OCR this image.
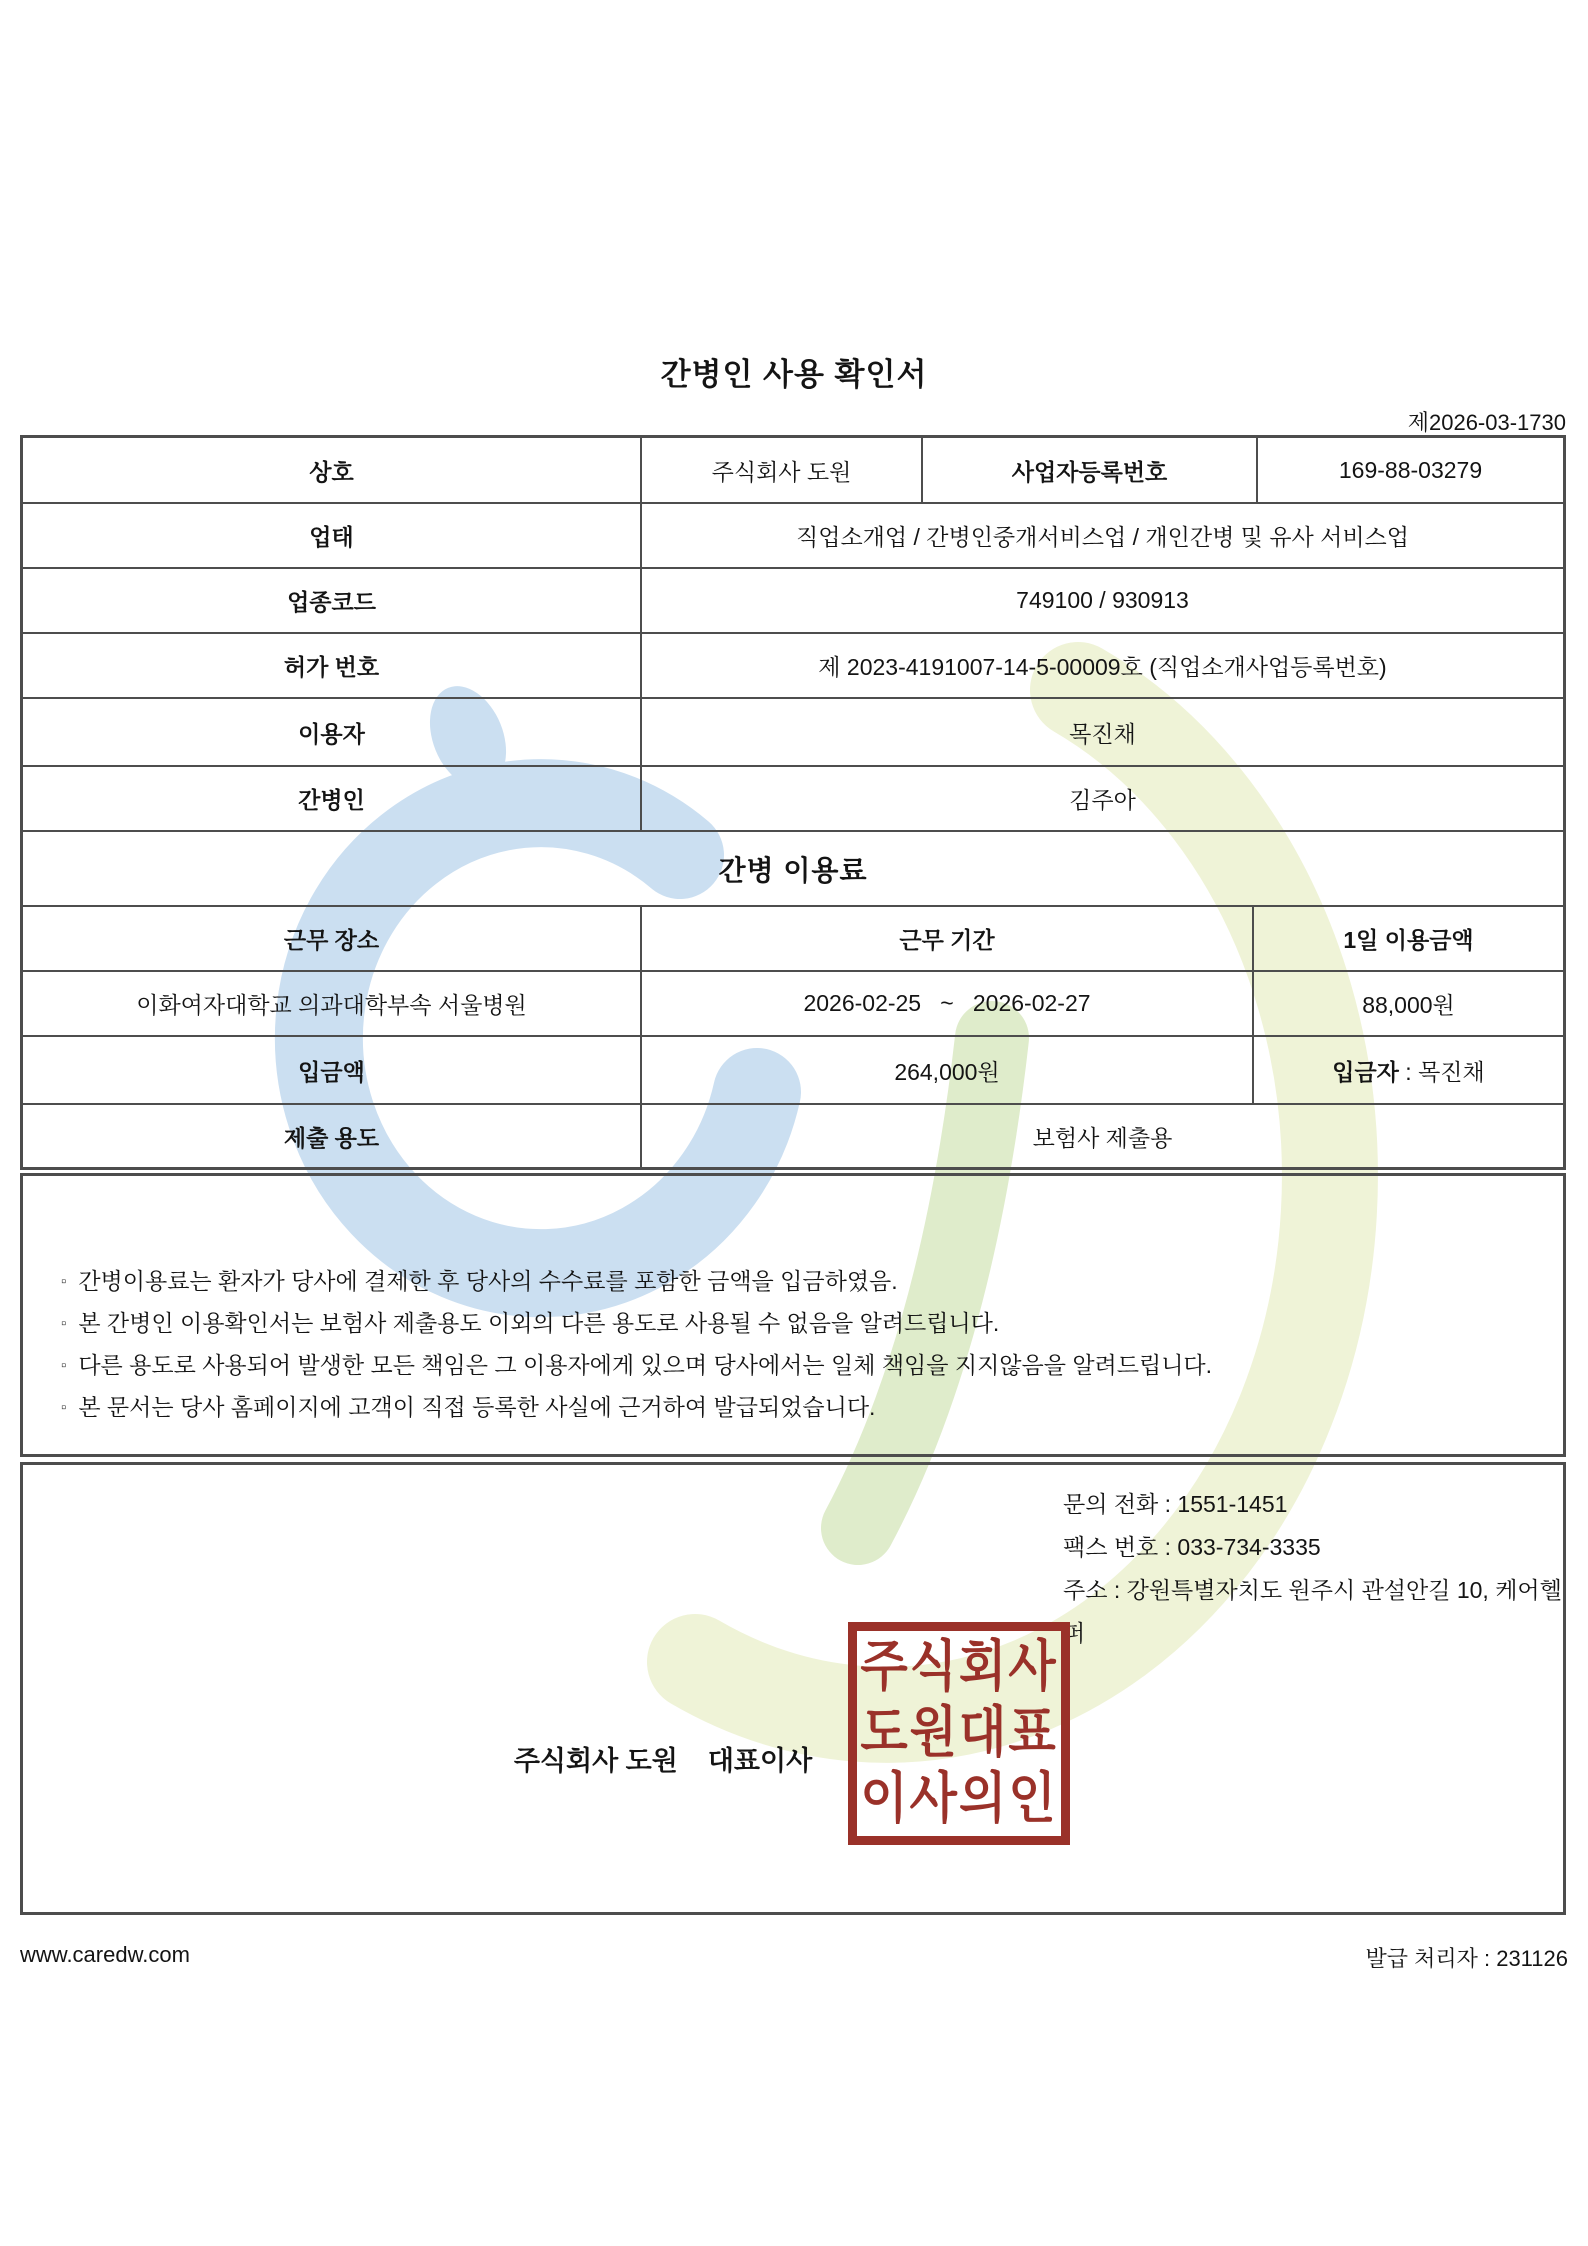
간병인 사용 확인서
제2026-03-1730
상호	주식회사 도원	사업자등록번호	169-88-03279
업태	직업소개업 / 간병인중개서비스업 / 개인간병 및 유사 서비스업
업종코드	749100 / 930913
허가 번호	제 2023-4191007-14-5-00009호 (직업소개사업등록번호)
이용자	목진채
간병인	김주아
간병 이용료
근무 장소	근무 기간	1일 이용금액
이화여자대학교 의과대학부속 서울병원	2026-02-25   ~   2026-02-27	88,000원
입금액	264,000원	입금자 : 목진채
제출 용도	보험사 제출용
▫ 간병이용료는 환자가 당사에 결제한 후 당사의 수수료를 포함한 금액을 입금하였음.
▫ 본 간병인 이용확인서는 보험사 제출용도 이외의 다른 용도로 사용될 수 없음을 알려드립니다.
▫ 다른 용도로 사용되어 발생한 모든 책임은 그 이용자에게 있으며 당사에서는 일체 책임을 지지않음을 알려드립니다.
▫ 본 문서는 당사 홈페이지에 고객이 직접 등록한 사실에 근거하여 발급되었습니다.
문의 전화 : 1551-1451
팩스 번호 : 033-734-3335
주소 : 강원특별자치도 원주시 관설안길 10, 케어헬퍼
주식회사 도원    대표이사
주식회사
도원대표
이사의인
www.caredw.com	발급 처리자 : 231126
